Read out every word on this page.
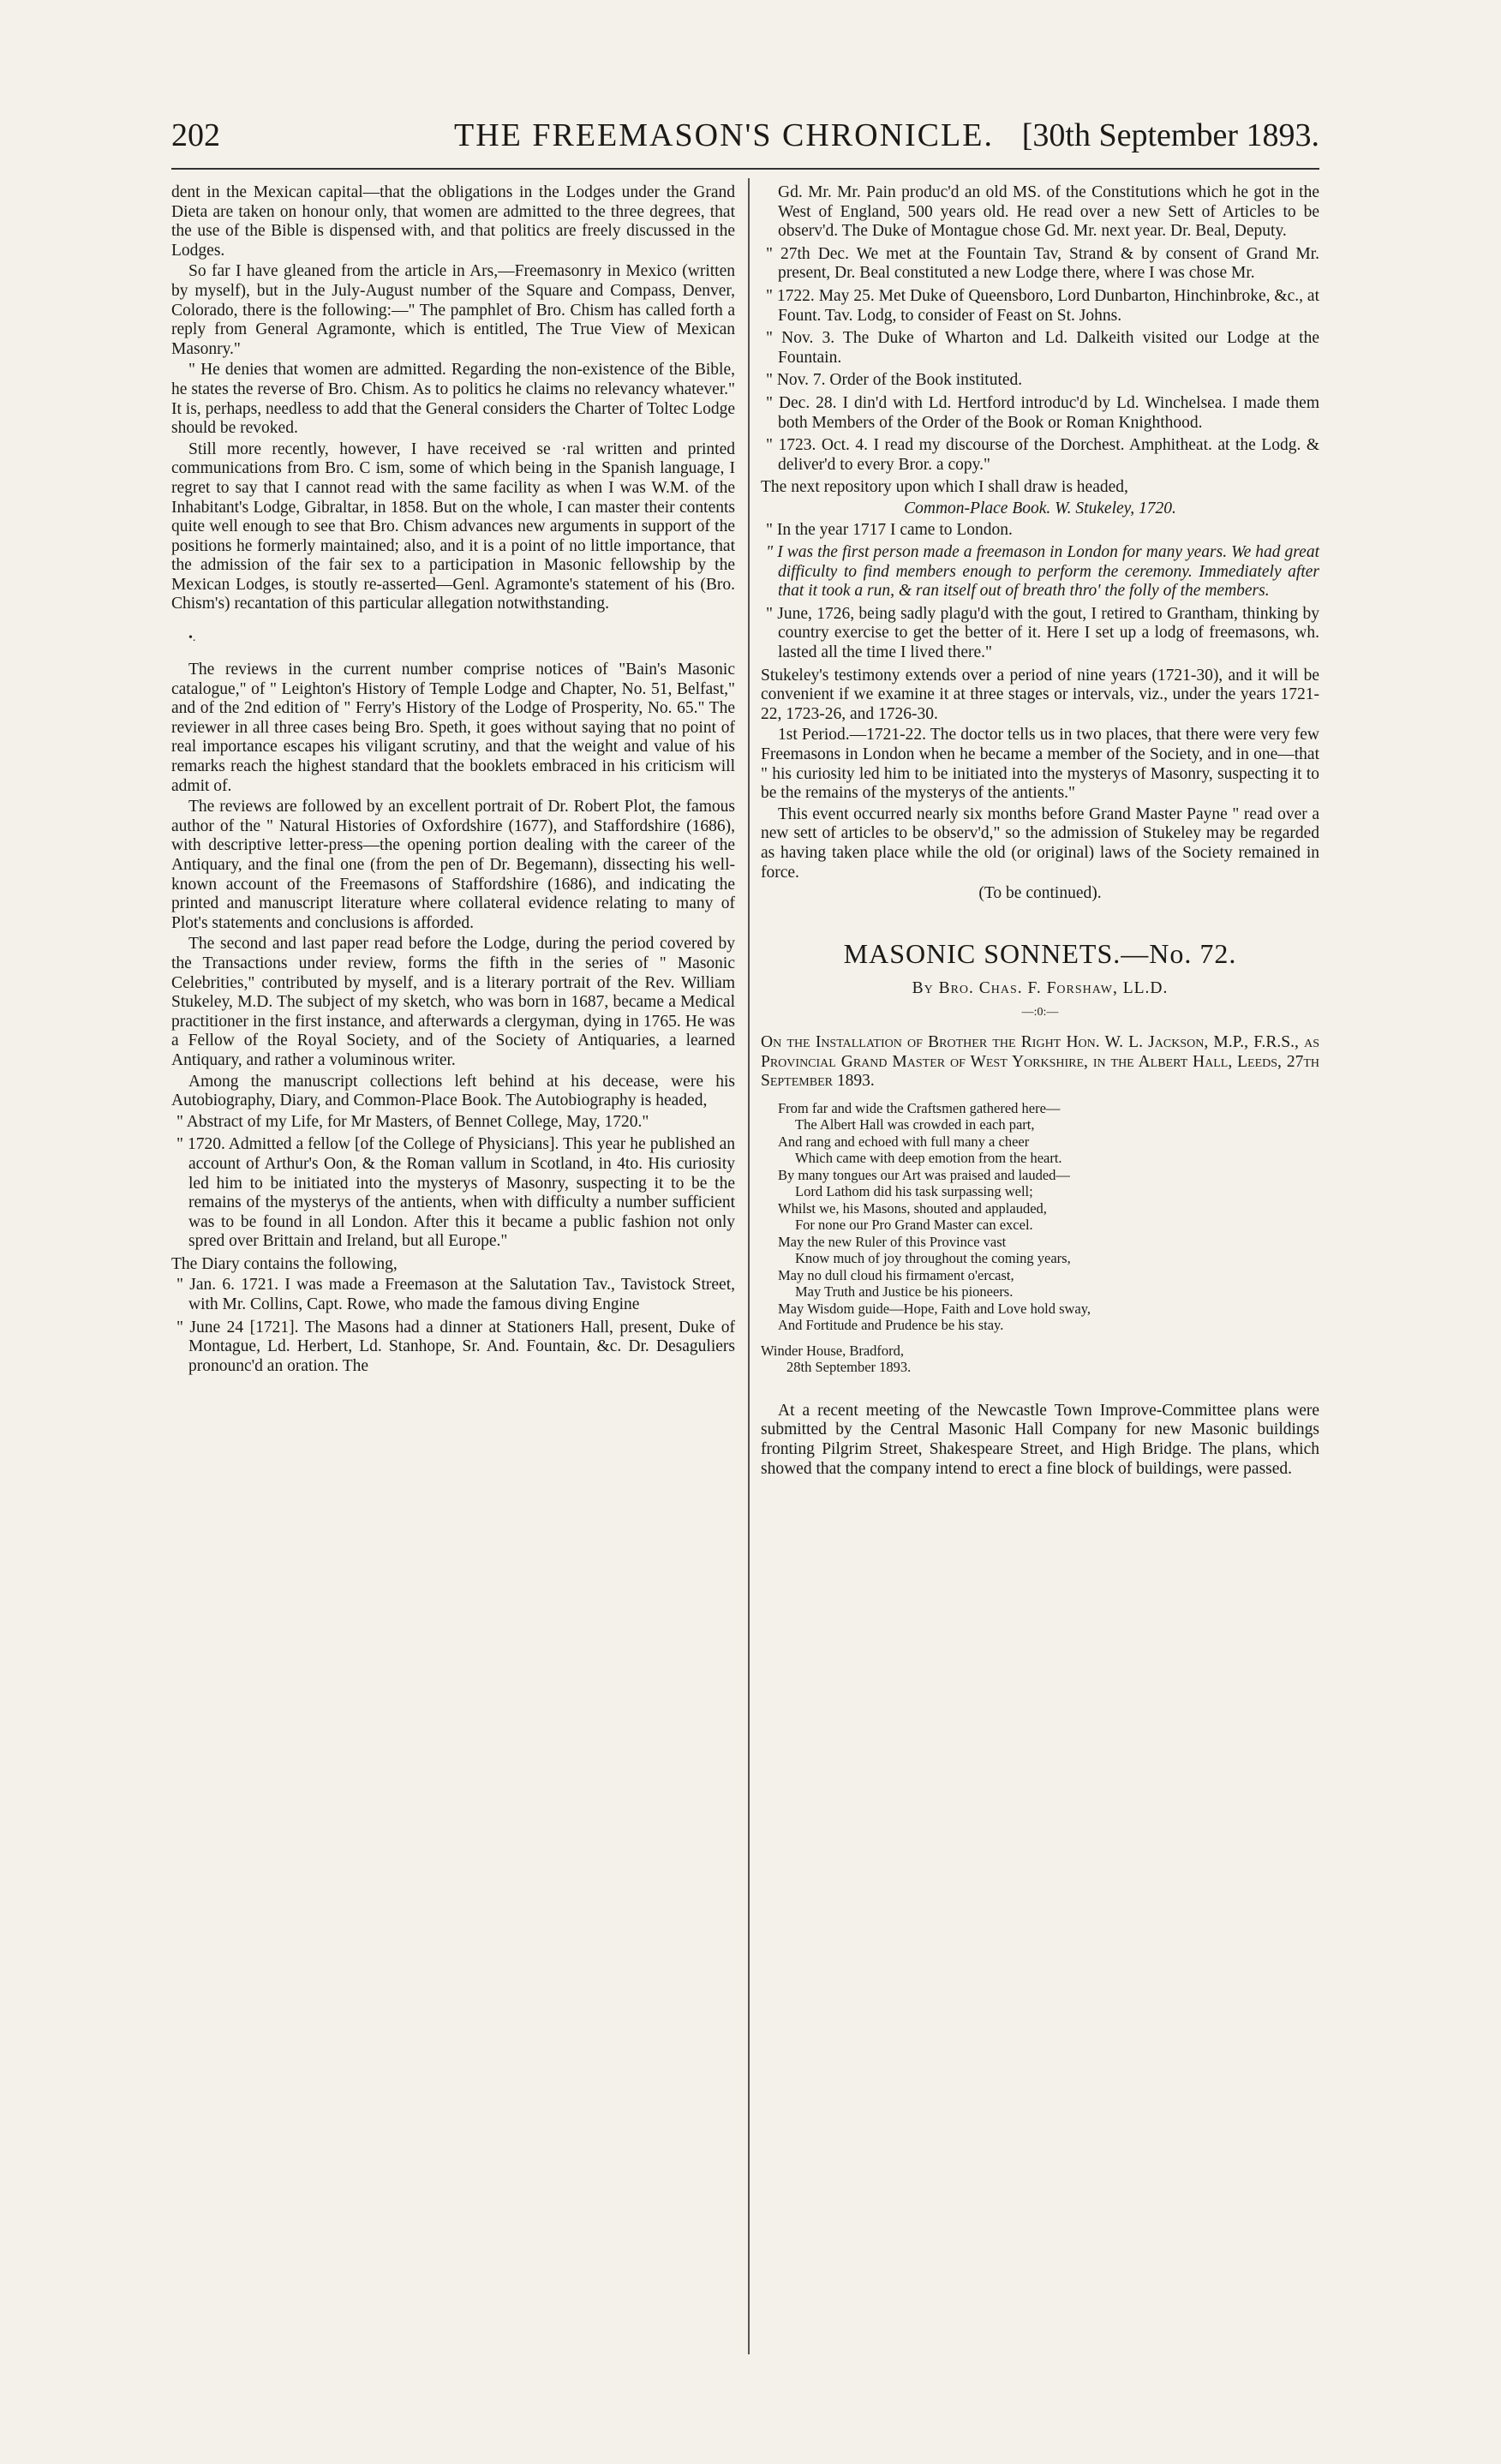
202	THE FREEMASON'S CHRONICLE. [30th September 1893.

dent in the Mexican capital—that the obligations in the Lodges under the Grand Dieta are taken on honour only, that women are admitted to the three degrees, that the use of the Bible is dispensed with, and that politics are freely discussed in the Lodges.

So far I have gleaned from the article in Ars,—Freemasonry in Mexico (written by myself), but in the July-August number of the Square and Compass, Denver, Colorado, there is the following:—" The pamphlet of Bro. Chism has called forth a reply from General Agramonte, which is entitled, The True View of Mexican Masonry."

" He denies that women are admitted. Regarding the non-existence of the Bible, he states the reverse of Bro. Chism. As to politics he claims no relevancy whatever." It is, perhaps, needless to add that the General considers the Charter of Toltec Lodge should be revoked.

Still more recently, however, I have received se ·ral written and printed communications from Bro. C ism, some of which being in the Spanish language, I regret to say that I cannot read with the same facility as when I was W.M. of the Inhabitant's Lodge, Gibraltar, in 1858. But on the whole, I can master their contents quite well enough to see that Bro. Chism advances new arguments in support of the positions he formerly maintained; also, and it is a point of no little importance, that the admission of the fair sex to a participation in Masonic fellowship by the Mexican Lodges, is stoutly re-asserted—Genl. Agramonte's statement of his (Bro. Chism's) recantation of this particular allegation notwithstanding.

•.

The reviews in the current number comprise notices of "Bain's Masonic catalogue," of " Leighton's History of Temple Lodge and Chapter, No. 51, Belfast," and of the 2nd edition of " Ferry's History of the Lodge of Prosperity, No. 65." The reviewer in all three cases being Bro. Speth, it goes without saying that no point of real importance escapes his viligant scrutiny, and that the weight and value of his remarks reach the highest standard that the booklets embraced in his criticism will admit of.

The reviews are followed by an excellent portrait of Dr. Robert Plot, the famous author of the " Natural Histories of Oxfordshire (1677), and Staffordshire (1686), with descriptive letter-press—the opening portion dealing with the career of the Antiquary, and the final one (from the pen of Dr. Begemann), dissecting his well-known account of the Freemasons of Staffordshire (1686), and indicating the printed and manuscript literature where collateral evidence relating to many of Plot's statements and conclusions is afforded.

The second and last paper read before the Lodge, during the period covered by the Transactions under review, forms the fifth in the series of " Masonic Celebrities," contributed by myself, and is a literary portrait of the Rev. William Stukeley, M.D. The subject of my sketch, who was born in 1687, became a Medical practitioner in the first instance, and afterwards a clergyman, dying in 1765. He was a Fellow of the Royal Society, and of the Society of Antiquaries, a learned Antiquary, and rather a voluminous writer.

Among the manuscript collections left behind at his decease, were his Autobiography, Diary, and Common-Place Book. The Autobiography is headed,

" Abstract of my Life, for Mr Masters, of Bennet College, May, 1720."

" 1720. Admitted a fellow [of the College of Physicians]. This year he published an account of Arthur's Oon, & the Roman vallum in Scotland, in 4to. His curiosity led him to be initiated into the mysterys of Masonry, suspecting it to be the remains of the mysterys of the antients, when with difficulty a number sufficient was to be found in all London. After this it became a public fashion not only spred over Brittain and Ireland, but all Europe."

The Diary contains the following,

" Jan. 6. 1721. I was made a Freemason at the Salutation Tav., Tavistock Street, with Mr. Collins, Capt. Rowe, who made the famous diving Engine

" June 24 [1721]. The Masons had a dinner at Stationers Hall, present, Duke of Montague, Ld. Herbert, Ld. Stanhope, Sr. And. Fountain, &c. Dr. Desaguliers pronounc'd an oration. The

Gd. Mr. Mr. Pain produc'd an old MS. of the Constitutions which he got in the West of England, 500 years old. He read over a new Sett of Articles to be observ'd. The Duke of Montague chose Gd. Mr. next year. Dr. Beal, Deputy.

" 27th Dec. We met at the Fountain Tav, Strand & by consent of Grand Mr. present, Dr. Beal constituted a new Lodge there, where I was chose Mr.

" 1722. May 25. Met Duke of Queensboro, Lord Dunbarton, Hinchinbroke, &c., at Fount. Tav. Lodg, to consider of Feast on St. Johns.

" Nov. 3. The Duke of Wharton and Ld. Dalkeith visited our Lodge at the Fountain.

" Nov. 7. Order of the Book instituted.

" Dec. 28. I din'd with Ld. Hertford introduc'd by Ld. Winchelsea. I made them both Members of the Order of the Book or Roman Knighthood.

" 1723. Oct. 4. I read my discourse of the Dorchest. Amphitheat. at the Lodg. & deliver'd to every Bror. a copy."

The next repository upon which I shall draw is headed,

Common-Place Book. W. Stukeley, 1720.

" In the year 1717 I came to London.

" I was the first person made a freemason in London for many years. We had great difficulty to find members enough to perform the ceremony. Immediately after that it took a run, & ran itself out of breath thro' the folly of the members.

" June, 1726, being sadly plagu'd with the gout, I retired to Grantham, thinking by country exercise to get the better of it. Here I set up a lodg of freemasons, wh. lasted all the time I lived there."

Stukeley's testimony extends over a period of nine years (1721-30), and it will be convenient if we examine it at three stages or intervals, viz., under the years 1721-22, 1723-26, and 1726-30.

1st Period.—1721-22. The doctor tells us in two places, that there were very few Freemasons in London when he became a member of the Society, and in one—that " his curiosity led him to be initiated into the mysterys of Masonry, suspecting it to be the remains of the mysterys of the antients."

This event occurred nearly six months before Grand Master Payne " read over a new sett of articles to be observ'd," so the admission of Stukeley may be regarded as having taken place while the old (or original) laws of the Society remained in force.

(To be continued).

MASONIC SONNETS.—No. 72.
By Bro. Chas. F. Forshaw, LL.D.
—:0:—

On the Installation of Brother the Right Hon. W. L. Jackson, M.P., F.R.S., as Provincial Grand Master of West Yorkshire, in the Albert Hall, Leeds, 27th September 1893.

From far and wide the Craftsmen gathered here—
The Albert Hall was crowded in each part,
And rang and echoed with full many a cheer
Which came with deep emotion from the heart.
By many tongues our Art was praised and lauded—
Lord Lathom did his task surpassing well;
Whilst we, his Masons, shouted and applauded,
For none our Pro Grand Master can excel.
May the new Ruler of this Province vast
Know much of joy throughout the coming years,
May no dull cloud his firmament o'ercast,
May Truth and Justice be his pioneers.
May Wisdom guide—Hope, Faith and Love hold sway,
And Fortitude and Prudence be his stay.
Winder House, Bradford,
28th September 1893.

At a recent meeting of the Newcastle Town Improve-Committee plans were submitted by the Central Masonic Hall Company for new Masonic buildings fronting Pilgrim Street, Shakespeare Street, and High Bridge. The plans, which showed that the company intend to erect a fine block of buildings, were passed.
